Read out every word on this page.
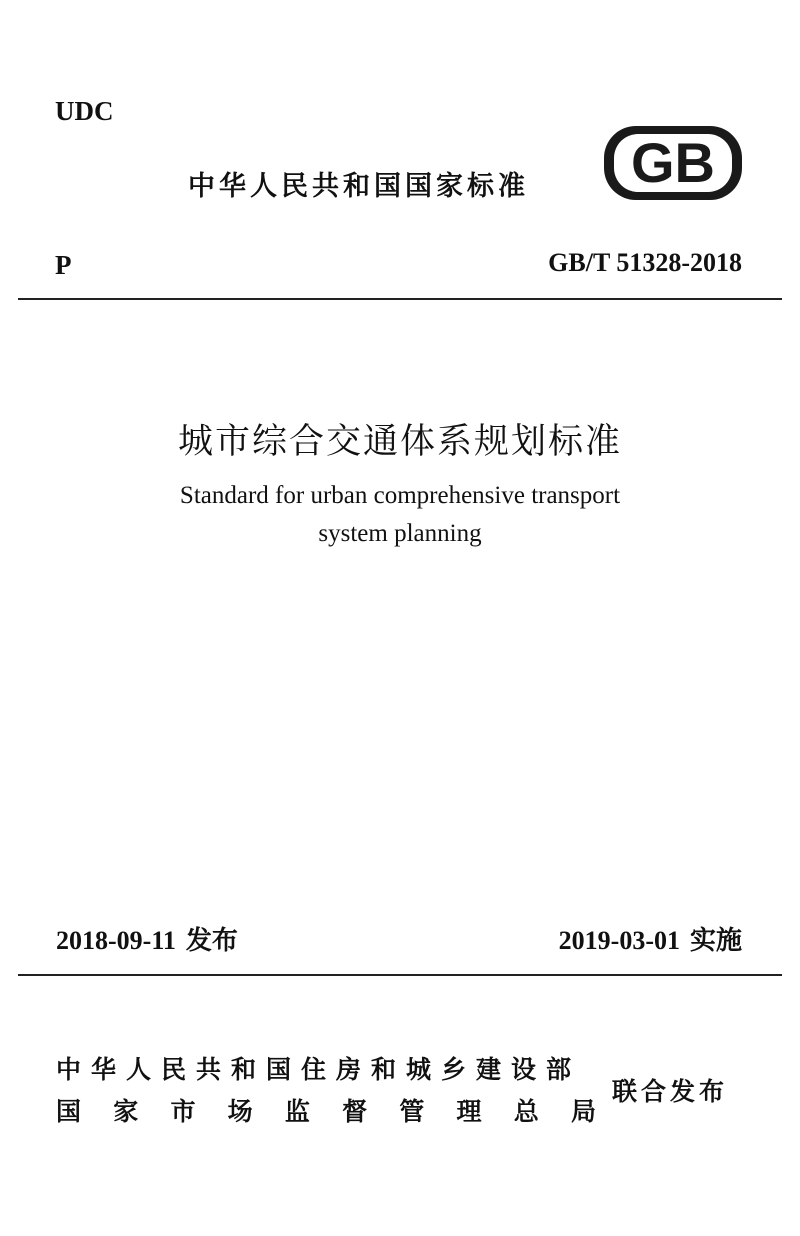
UDC
中华人民共和国国家标准 GB
P	GB/T 51328-2018
城市综合交通体系规划标准
Standard for urban comprehensive transport
system planning
2018-09-11 发布	2019-03-01 实施
中华人民共和国住房和城乡建设部
国 家 市 场 监 督 管 理 总 局
联合发布
